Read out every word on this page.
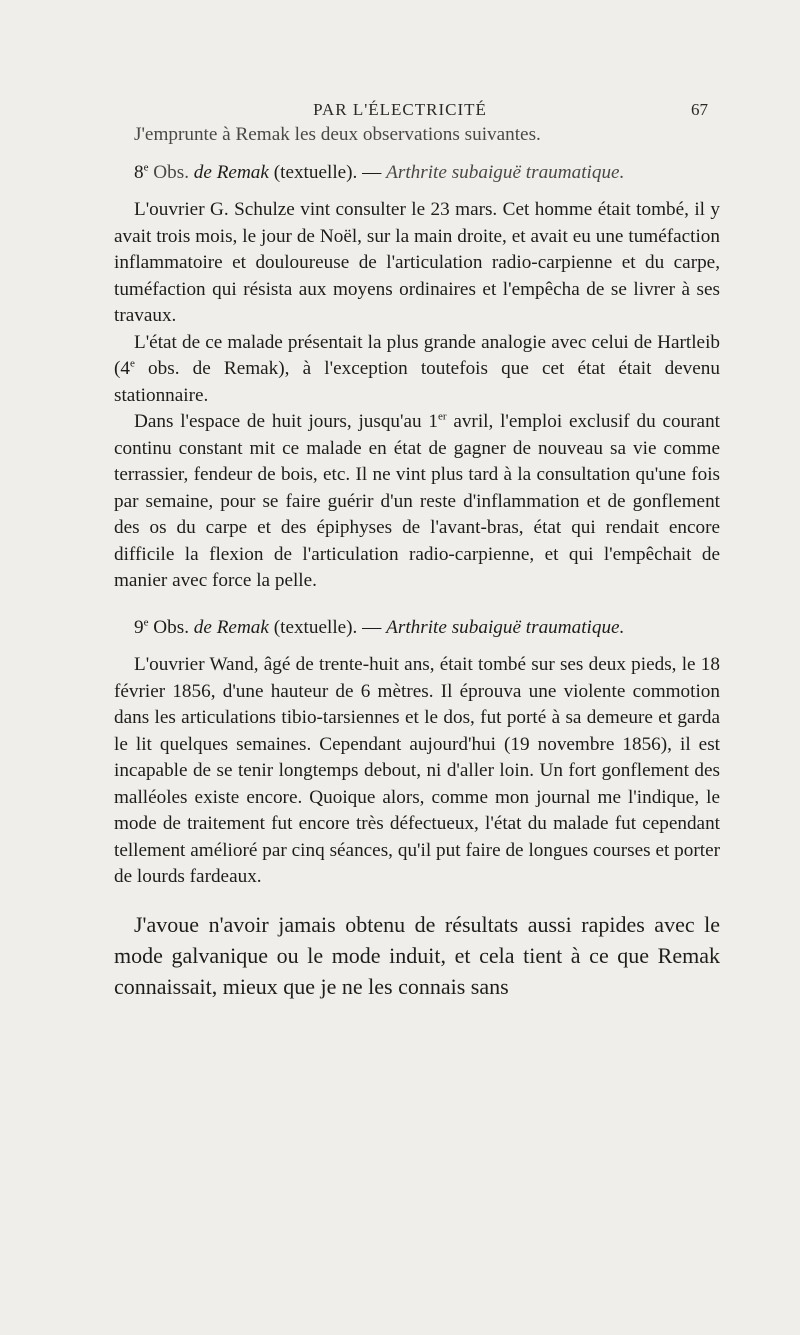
PAR L'ÉLECTRICITÉ	67

J'emprunte à Remak les deux observations suivantes.

8e Obs. de Remak (textuelle). — Arthrite subaiguë traumatique.

L'ouvrier G. Schulze vint consulter le 23 mars. Cet homme était tombé, il y avait trois mois, le jour de Noël, sur la main droite, et avait eu une tuméfaction inflammatoire et douloureuse de l'articulation radio-carpienne et du carpe, tuméfaction qui résista aux moyens ordinaires et l'empêcha de se livrer à ses travaux.

L'état de ce malade présentait la plus grande analogie avec celui de Hartleib (4e obs. de Remak), à l'exception toutefois que cet état était devenu stationnaire.

Dans l'espace de huit jours, jusqu'au 1er avril, l'emploi exclusif du courant continu constant mit ce malade en état de gagner de nouveau sa vie comme terrassier, fendeur de bois, etc. Il ne vint plus tard à la consultation qu'une fois par semaine, pour se faire guérir d'un reste d'inflammation et de gonflement des os du carpe et des épiphyses de l'avant-bras, état qui rendait encore difficile la flexion de l'articulation radio-carpienne, et qui l'empêchait de manier avec force la pelle.

9e Obs. de Remak (textuelle). — Arthrite subaiguë traumatique.

L'ouvrier Wand, âgé de trente-huit ans, était tombé sur ses deux pieds, le 18 février 1856, d'une hauteur de 6 mètres. Il éprouva une violente commotion dans les articulations tibio-tarsiennes et le dos, fut porté à sa demeure et garda le lit quelques semaines. Cependant aujourd'hui (19 novembre 1856), il est incapable de se tenir longtemps debout, ni d'aller loin. Un fort gonflement des malléoles existe encore. Quoique alors, comme mon journal me l'indique, le mode de traitement fut encore très défectueux, l'état du malade fut cependant tellement amélioré par cinq séances, qu'il put faire de longues courses et porter de lourds fardeaux.

J'avoue n'avoir jamais obtenu de résultats aussi rapides avec le mode galvanique ou le mode induit, et cela tient à ce que Remak connaissait, mieux que je ne les connais sans
